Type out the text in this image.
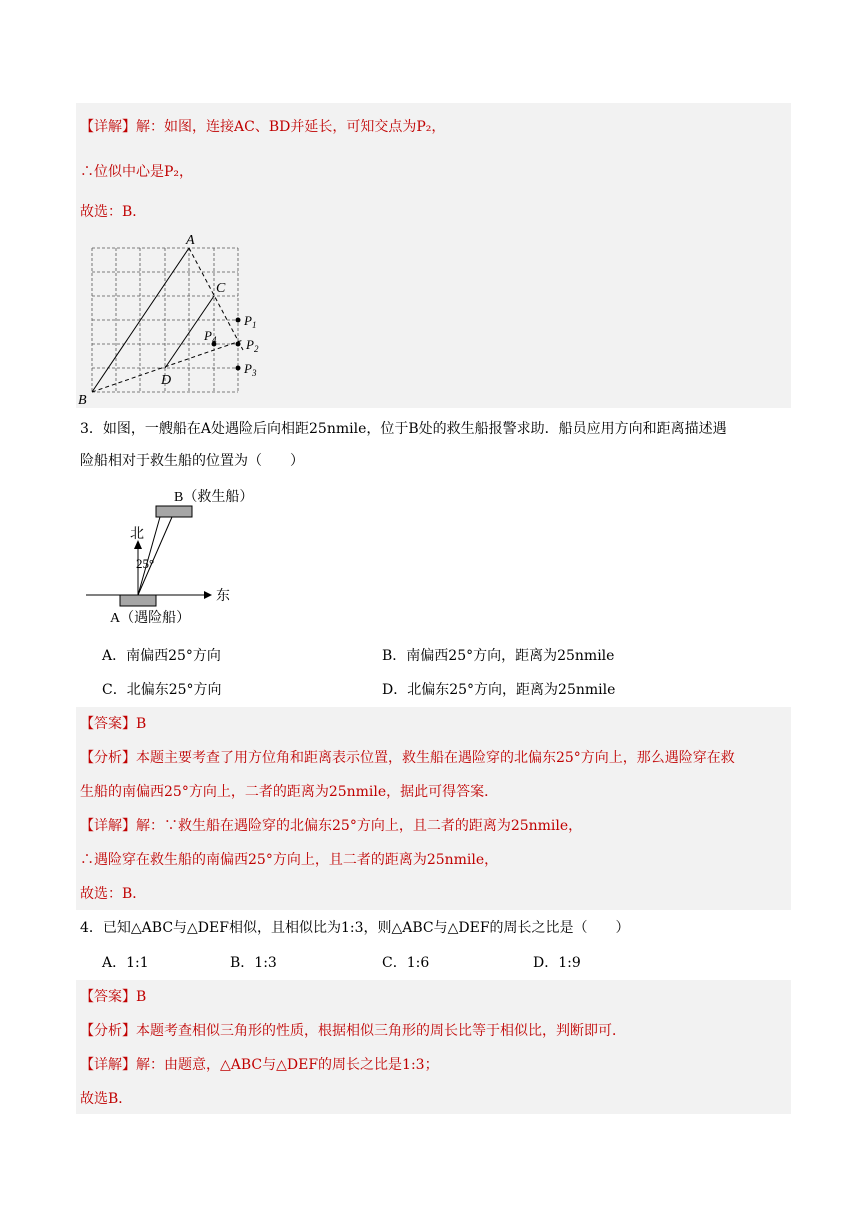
【详解】解：如图，连接AC、BD并延长，可知交点为P₂，
∴位似中心是P₂，
故选：B．
A
B
C
D
$P_1$
$P_2$
$P_3$
$P_4$
3．如图，一艘船在A处遇险后向相距25nmile，位于B处的救生船报警求助．船员应用方向和距离描述遇
险船相对于救生船的位置为（　　）
北
25°
东
B（救生船）
A（遇险船）
A．南偏西25°方向	B．南偏西25°方向，距离为25nmile
C．北偏东25°方向	D．北偏东25°方向，距离为25nmile
【答案】B
【分析】本题主要考查了用方位角和距离表示位置，救生船在遇险穿的北偏东25°方向上，那么遇险穿在救
生船的南偏西25°方向上，二者的距离为25nmile，据此可得答案．
【详解】解：∵救生船在遇险穿的北偏东25°方向上，且二者的距离为25nmile，
∴遇险穿在救生船的南偏西25°方向上，且二者的距离为25nmile，
故选：B．
4．已知△ABC与△DEF相似，且相似比为1:3，则△ABC与△DEF的周长之比是（　　）
A．1:1	B．1:3	C．1:6	D．1:9
【答案】B
【分析】本题考查相似三角形的性质，根据相似三角形的周长比等于相似比，判断即可．
【详解】解：由题意，△ABC与△DEF的周长之比是1:3；
故选B．
